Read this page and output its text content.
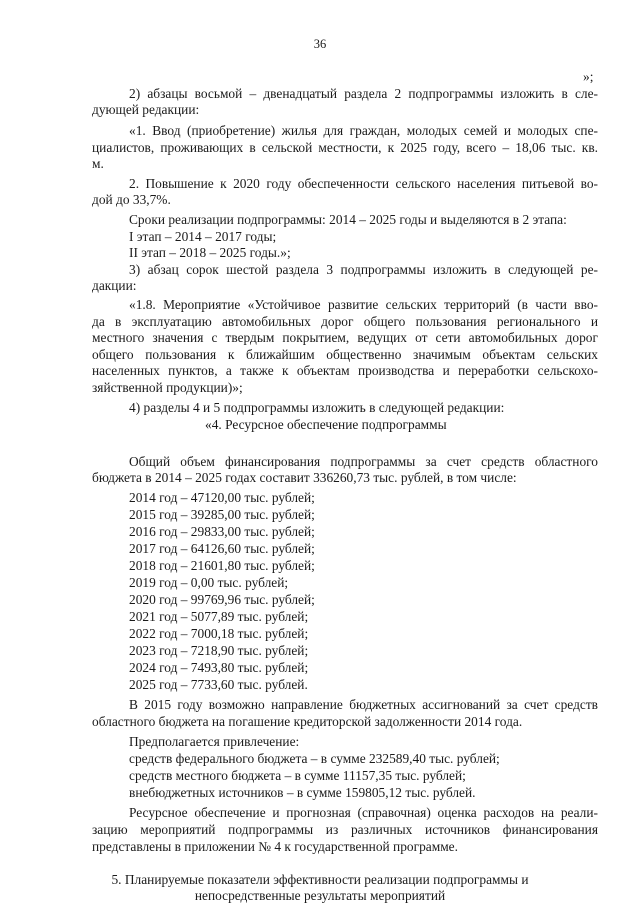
36
»;
2) абзацы восьмой – двенадцатый раздела 2 подпрограммы изложить в сле-
дующей редакции:
«1. Ввод (приобретение) жилья для граждан, молодых семей и молодых спе-
циалистов, проживающих в сельской местности, к 2025 году, всего – 18,06 тыс. кв.
м.
2. Повышение к 2020 году обеспеченности сельского населения питьевой во-
дой до 33,7%.
Сроки реализации подпрограммы: 2014 – 2025 годы и выделяются в 2 этапа:
I этап – 2014 – 2017 годы;
II этап – 2018 – 2025 годы.»;
3) абзац сорок шестой раздела 3 подпрограммы изложить в следующей ре-
дакции:
«1.8. Мероприятие «Устойчивое развитие сельских территорий (в части вво-
да в эксплуатацию автомобильных дорог общего пользования регионального и
местного значения с твердым покрытием, ведущих от сети автомобильных дорог
общего пользования к ближайшим общественно значимым объектам сельских
населенных пунктов, а также к объектам производства и переработки сельскохо-
зяйственной продукции)»;
4) разделы 4 и 5 подпрограммы изложить в следующей редакции:
«4. Ресурсное обеспечение подпрограммы
Общий объем финансирования подпрограммы за счет средств областного
бюджета в 2014 – 2025 годах составит 336260,73 тыс. рублей, в том числе:
2014 год – 47120,00 тыс. рублей;
2015 год – 39285,00 тыс. рублей;
2016 год – 29833,00 тыс. рублей;
2017 год – 64126,60 тыс. рублей;
2018 год – 21601,80 тыс. рублей;
2019 год – 0,00 тыс. рублей;
2020 год – 99769,96 тыс. рублей;
2021 год – 5077,89 тыс. рублей;
2022 год – 7000,18 тыс. рублей;
2023 год – 7218,90 тыс. рублей;
2024 год – 7493,80 тыс. рублей;
2025 год – 7733,60 тыс. рублей.
В 2015 году возможно направление бюджетных ассигнований за счет средств
областного бюджета на погашение кредиторской задолженности 2014 года.
Предполагается привлечение:
средств федерального бюджета – в сумме 232589,40 тыс. рублей;
средств местного бюджета – в сумме 11157,35 тыс. рублей;
внебюджетных источников – в сумме 159805,12 тыс. рублей.
Ресурсное обеспечение и прогнозная (справочная) оценка расходов на реали-
зацию мероприятий подпрограммы из различных источников финансирования
представлены в приложении № 4 к государственной программе.
5. Планируемые показатели эффективности реализации подпрограммы и
непосредственные результаты мероприятий
